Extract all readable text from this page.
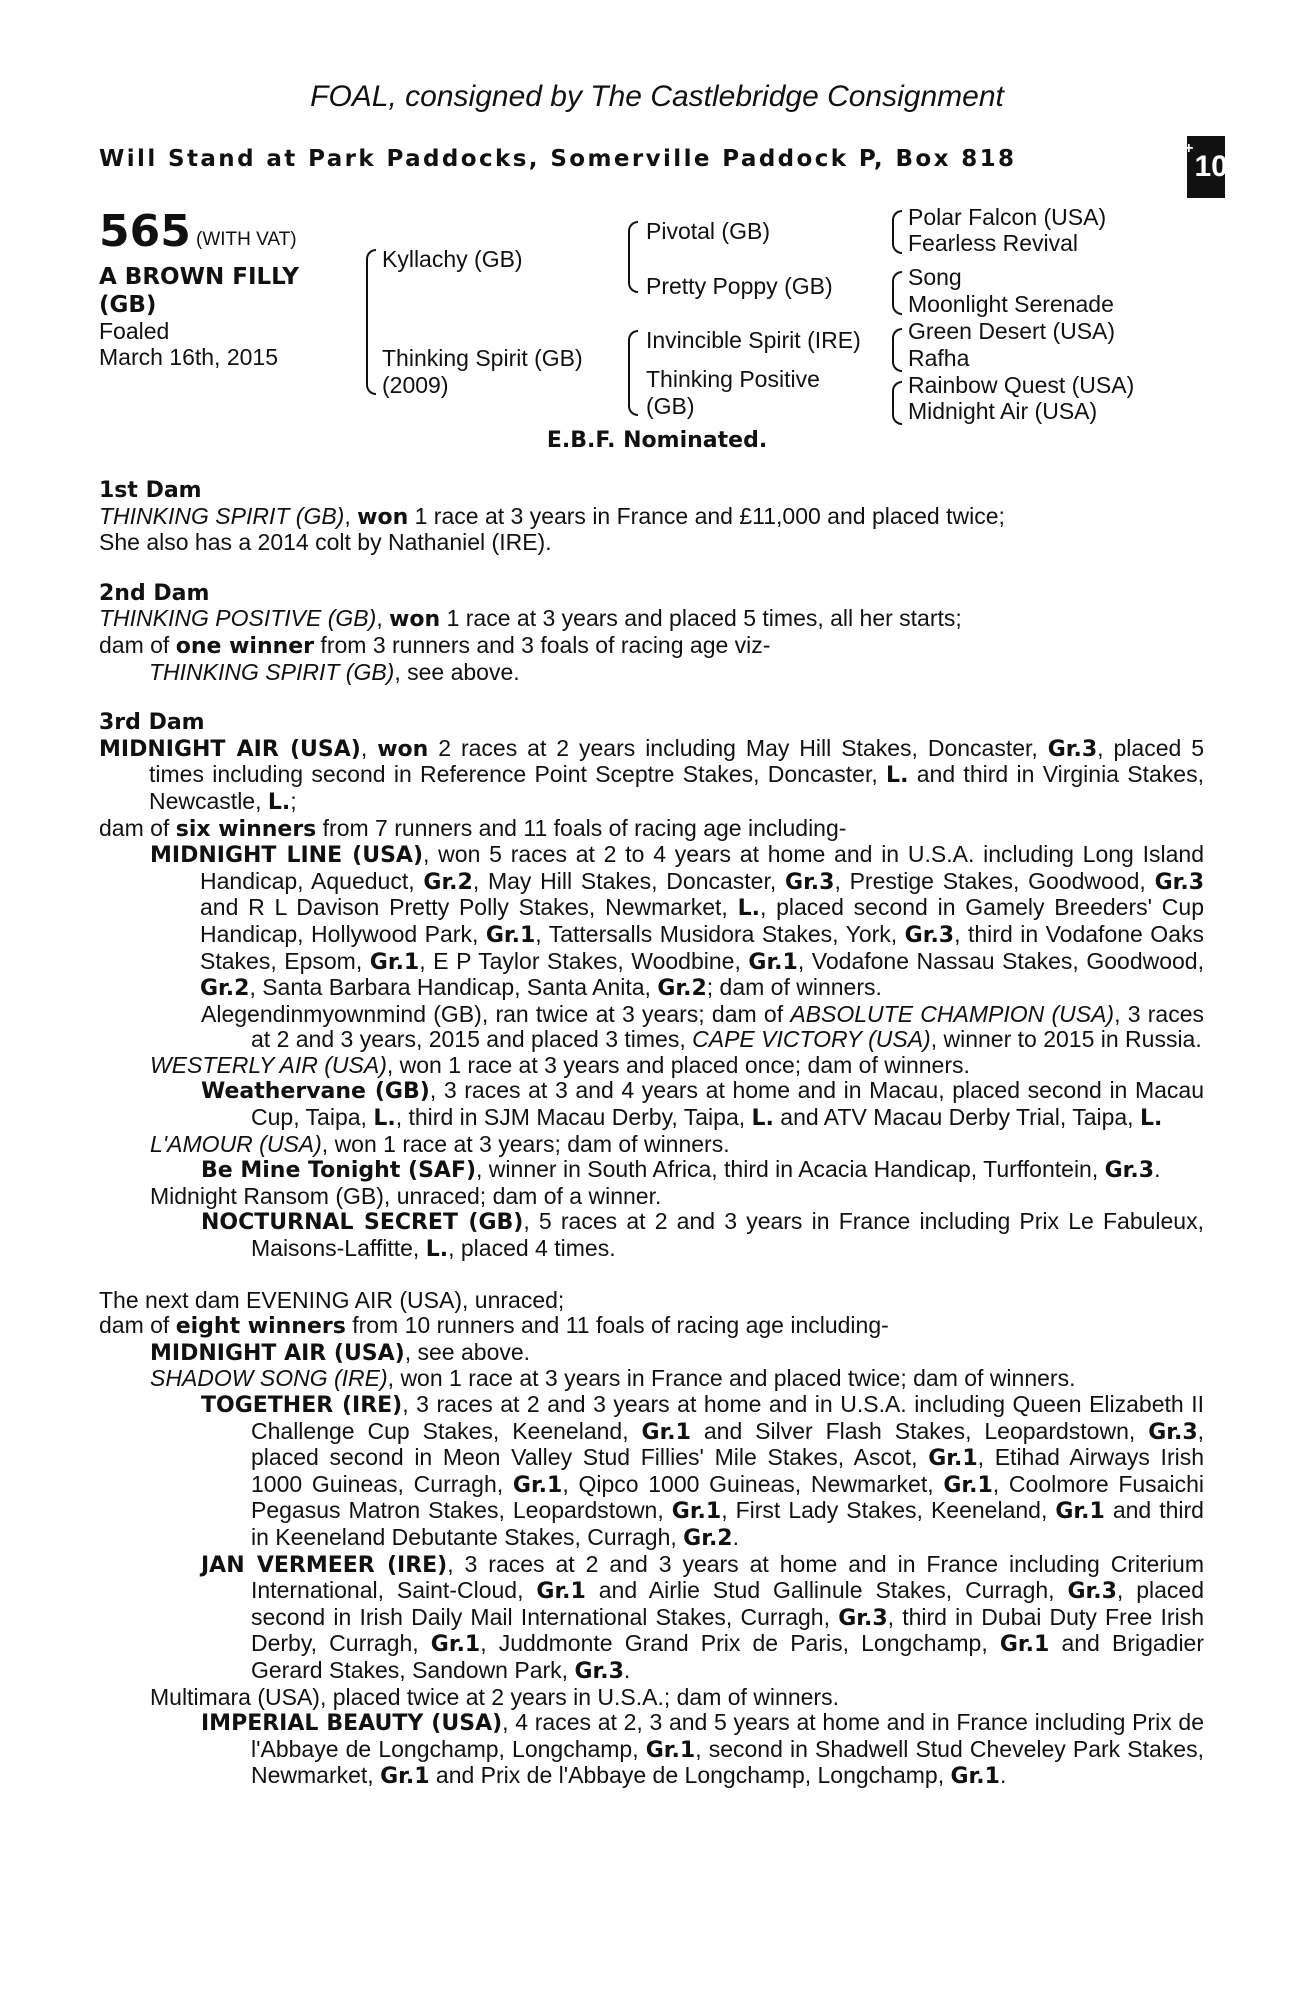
FOAL, consigned by The Castlebridge Consignment
Will Stand at Park Paddocks, Somerville Paddock P, Box 818	+
10
565 (WITH VAT)
A BROWN FILLY
(GB)
Foaled
March 16th, 2015
Kyllachy (GB)
Thinking Spirit (GB)
(2009)
Pivotal (GB)
Pretty Poppy (GB)
Invincible Spirit (IRE)
Thinking Positive
(GB)
Polar Falcon (USA)
Fearless Revival
Song
Moonlight Serenade
Green Desert (USA)
Rafha
Rainbow Quest (USA)
Midnight Air (USA)
E.B.F. Nominated.

1st Dam

THINKING SPIRIT (GB), won 1 race at 3 years in France and £11,000 and placed twice;

She also has a 2014 colt by Nathaniel (IRE).

2nd Dam

THINKING POSITIVE (GB), won 1 race at 3 years and placed 5 times, all her starts;

dam of one winner from 3 runners and 3 foals of racing age viz-

THINKING SPIRIT (GB), see above.

3rd Dam

MIDNIGHT AIR (USA), won 2 races at 2 years including May Hill Stakes, Doncaster, Gr.3, placed 5 times including second in Reference Point Sceptre Stakes, Doncaster, L. and third in Virginia Stakes, Newcastle, L.;

dam of six winners from 7 runners and 11 foals of racing age including-

MIDNIGHT LINE (USA), won 5 races at 2 to 4 years at home and in U.S.A. including Long Island Handicap, Aqueduct, Gr.2, May Hill Stakes, Doncaster, Gr.3, Prestige Stakes, Goodwood, Gr.3 and R L Davison Pretty Polly Stakes, Newmarket, L., placed second in Gamely Breeders' Cup Handicap, Hollywood Park, Gr.1, Tattersalls Musidora Stakes, York, Gr.3, third in Vodafone Oaks Stakes, Epsom, Gr.1, E P Taylor Stakes, Woodbine, Gr.1, Vodafone Nassau Stakes, Goodwood, Gr.2, Santa Barbara Handicap, Santa Anita, Gr.2; dam of winners.

Alegendinmyownmind (GB), ran twice at 3 years; dam of ABSOLUTE CHAMPION (USA), 3 races at 2 and 3 years, 2015 and placed 3 times, CAPE VICTORY (USA), winner to 2015 in Russia.

WESTERLY AIR (USA), won 1 race at 3 years and placed once; dam of winners.

Weathervane (GB), 3 races at 3 and 4 years at home and in Macau, placed second in Macau Cup, Taipa, L., third in SJM Macau Derby, Taipa, L. and ATV Macau Derby Trial, Taipa, L.

L'AMOUR (USA), won 1 race at 3 years; dam of winners.

Be Mine Tonight (SAF), winner in South Africa, third in Acacia Handicap, Turffontein, Gr.3.

Midnight Ransom (GB), unraced; dam of a winner.

NOCTURNAL SECRET (GB), 5 races at 2 and 3 years in France including Prix Le Fabuleux, Maisons-Laffitte, L., placed 4 times.

The next dam EVENING AIR (USA), unraced;

dam of eight winners from 10 runners and 11 foals of racing age including-

MIDNIGHT AIR (USA), see above.

SHADOW SONG (IRE), won 1 race at 3 years in France and placed twice; dam of winners.

TOGETHER (IRE), 3 races at 2 and 3 years at home and in U.S.A. including Queen Elizabeth II Challenge Cup Stakes, Keeneland, Gr.1 and Silver Flash Stakes, Leopardstown, Gr.3, placed second in Meon Valley Stud Fillies' Mile Stakes, Ascot, Gr.1, Etihad Airways Irish 1000 Guineas, Curragh, Gr.1, Qipco 1000 Guineas, Newmarket, Gr.1, Coolmore Fusaichi Pegasus Matron Stakes, Leopardstown, Gr.1, First Lady Stakes, Keeneland, Gr.1 and third in Keeneland Debutante Stakes, Curragh, Gr.2.

JAN VERMEER (IRE), 3 races at 2 and 3 years at home and in France including Criterium International, Saint-Cloud, Gr.1 and Airlie Stud Gallinule Stakes, Curragh, Gr.3, placed second in Irish Daily Mail International Stakes, Curragh, Gr.3, third in Dubai Duty Free Irish Derby, Curragh, Gr.1, Juddmonte Grand Prix de Paris, Longchamp, Gr.1 and Brigadier Gerard Stakes, Sandown Park, Gr.3.

Multimara (USA), placed twice at 2 years in U.S.A.; dam of winners.

IMPERIAL BEAUTY (USA), 4 races at 2, 3 and 5 years at home and in France including Prix de l'Abbaye de Longchamp, Longchamp, Gr.1, second in Shadwell Stud Cheveley Park Stakes, Newmarket, Gr.1 and Prix de l'Abbaye de Longchamp, Longchamp, Gr.1.
